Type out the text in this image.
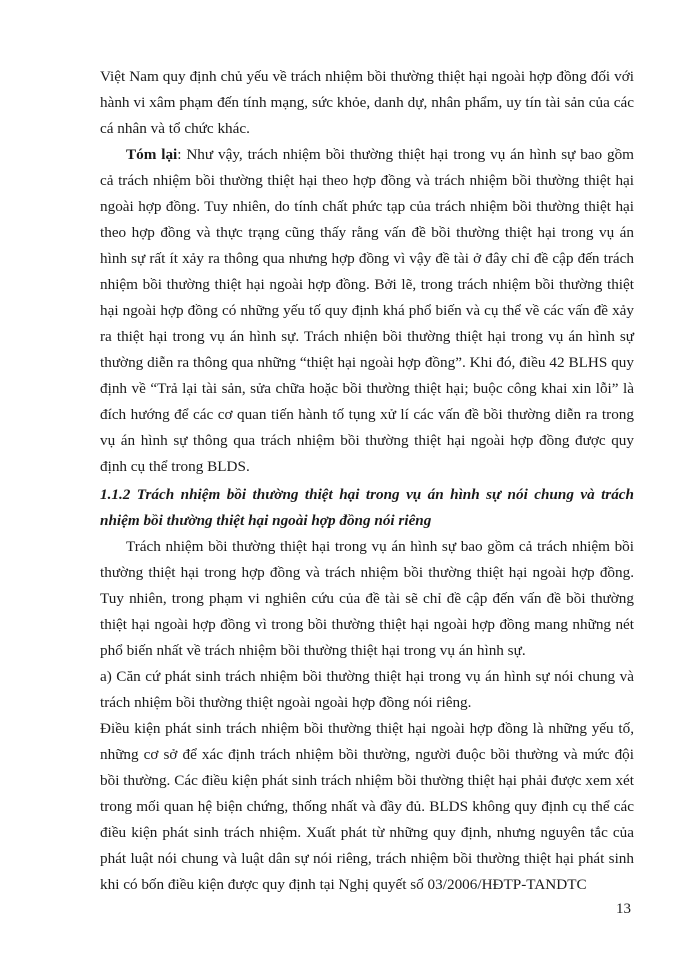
Việt Nam quy định chủ yếu về trách nhiệm bồi thường thiệt hại ngoài hợp đồng đối với hành vi xâm phạm đến tính mạng, sức khỏe, danh dự, nhân phẩm, uy tín tài sản của các cá nhân và tổ chức khác.

Tóm lại: Như vậy, trách nhiệm bồi thường thiệt hại trong vụ án hình sự bao gồm cả trách nhiệm bồi thường thiệt hại theo hợp đồng và trách nhiệm bồi thường thiệt hại ngoài hợp đồng. Tuy nhiên, do tính chất phức tạp của trách nhiệm bồi thường thiệt hại theo hợp đồng và thực trạng cũng thấy rằng vấn đề bồi thường thiệt hại trong vụ án hình sự rất ít xảy ra thông qua nhưng hợp đồng vì vậy đề tài ở đây chỉ đề cập đến trách nhiệm bồi thường thiệt hại ngoài hợp đồng. Bởi lẽ, trong trách nhiệm bồi thường thiệt hại ngoài hợp đồng có những yếu tố quy định khá phổ biến và cụ thể về các vấn đề xảy ra thiệt hại trong vụ án hình sự. Trách nhiện bồi thường thiệt hại trong vụ án hình sự thường diễn ra thông qua những “thiệt hại ngoài hợp đồng”. Khi đó, điều 42 BLHS quy định về “Trả lại tài sản, sửa chữa hoặc bồi thường thiệt hại; buộc công khai xin lỗi” là đích hướng để các cơ quan tiến hành tố tụng xử lí các vấn đề bồi thường diễn ra trong vụ án hình sự thông qua trách nhiệm bồi thường thiệt hại ngoài hợp đồng được quy định cụ thể trong BLDS.

1.1.2 Trách nhiệm bồi thường thiệt hại trong vụ án hình sự nói chung và trách nhiệm bồi thường thiệt hại ngoài hợp đồng nói riêng

Trách nhiệm bồi thường thiệt hại trong vụ án hình sự bao gồm cả trách nhiệm bồi thường thiệt hại trong hợp đồng và trách nhiệm bồi thường thiệt hại ngoài hợp đồng. Tuy nhiên, trong phạm vi nghiên cứu của đề tài sẽ chỉ đề cập đến vấn đề bồi thường thiệt hại ngoài hợp đồng vì trong bồi thường thiệt hại ngoài hợp đồng mang những nét phổ biến nhất về trách nhiệm bồi thường thiệt hại trong vụ án hình sự.

a) Căn cứ phát sinh trách nhiệm bồi thường thiệt hại trong vụ án hình sự nói chung và trách nhiệm bồi thường thiệt ngoài ngoài hợp đồng nói riêng.

Điều kiện phát sinh trách nhiệm bồi thường thiệt hại ngoài hợp đồng là những yếu tố, những cơ sở để xác định trách nhiệm bồi thường, người đuộc bồi thường và mức đội bồi thường. Các điều kiện phát sinh trách nhiệm bồi thường thiệt hại phải được xem xét trong mối quan hệ biện chứng, thống nhất và đầy đủ. BLDS không quy định cụ thể các điều kiện phát sinh trách nhiệm. Xuất phát từ những quy định, nhưng nguyên tắc của phát luật nói chung và luật dân sự nói riêng, trách nhiệm bồi thường thiệt hại phát sinh khi có bốn điều kiện được quy định tại Nghị quyết số 03/2006/HĐTP-TANDTC

13
